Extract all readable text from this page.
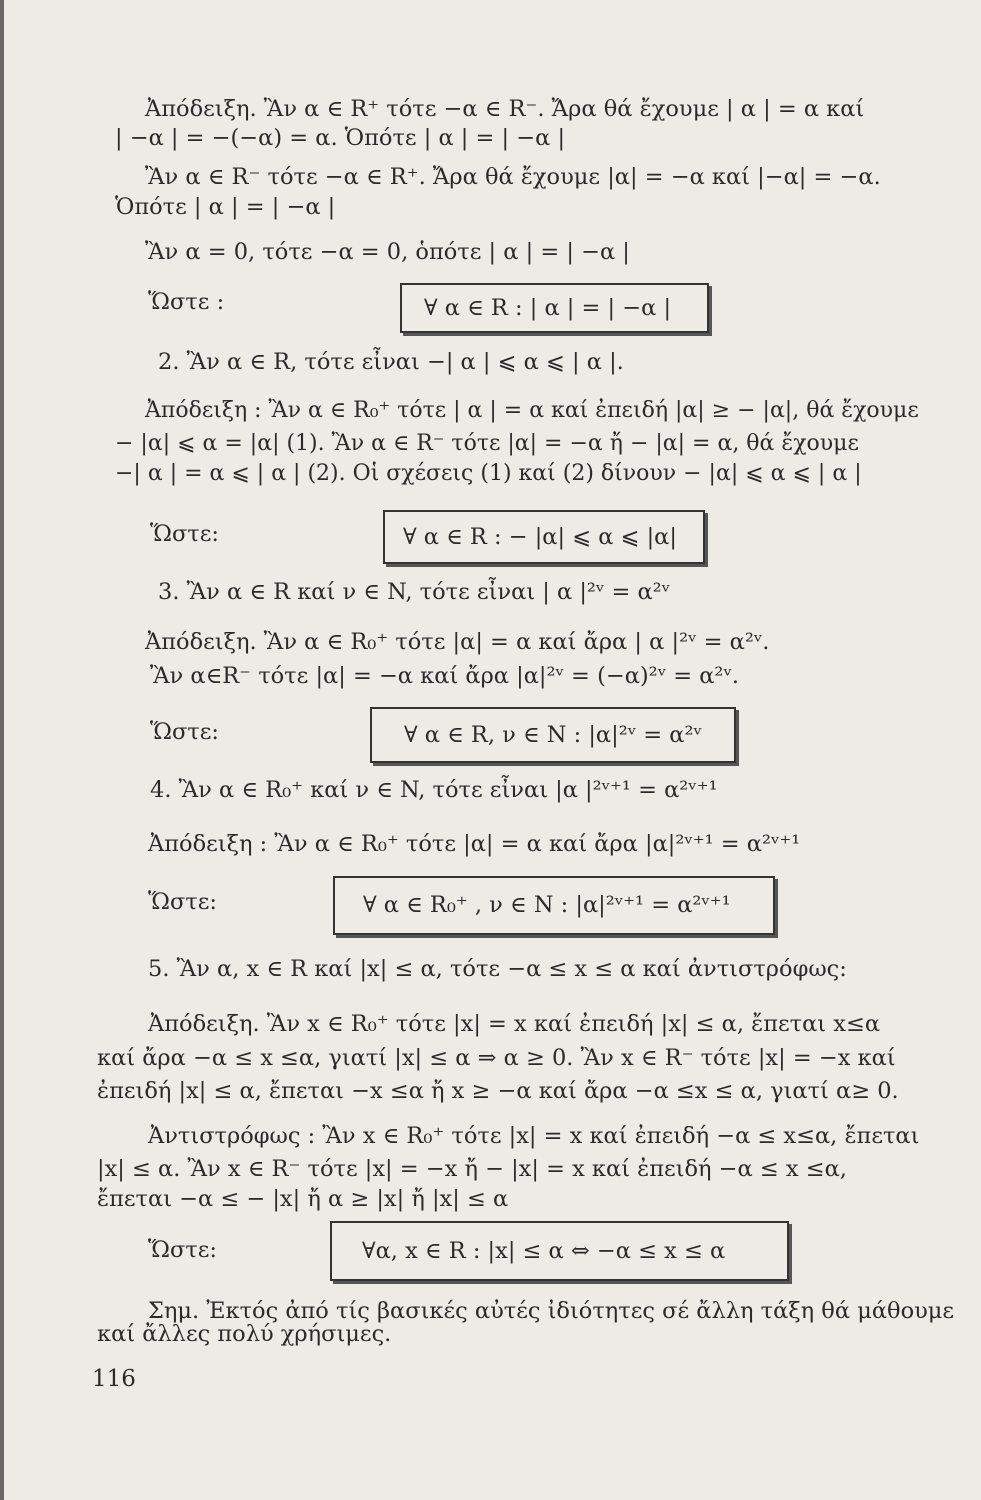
Ἀπόδειξη. Ἂν α ∈ R⁺ τότε −α ∈ R⁻. Ἄρα θά ἔχουμε | α | = α καί
| −α | = −(−α) = α. Ὁπότε | α | = | −α |
Ἂν α ∈ R⁻ τότε −α ∈ R⁺. Ἄρα θά ἔχουμε |α| = −α καί |−α| = −α.
Ὁπότε | α | = | −α |
Ἂν α = 0, τότε −α = 0, ὁπότε | α | = | −α |
Ὥστε :	∀ α ∈ R : | α | = | −α |
2. Ἂν α ∈ R, τότε εἶναι −| α | ⩽ α ⩽ | α |.
Ἀπόδειξη : Ἂν α ∈ R₀⁺ τότε | α | = α καί ἐπειδή |α| ≥ − |α|, θά ἔχουμε
− |α| ⩽ α = |α| (1). Ἂν α ∈ R⁻ τότε |α| = −α ἤ − |α| = α, θά ἔχουμε
−| α | = α ⩽ | α | (2). Οἱ σχέσεις (1) καί (2) δίνουν − |α| ⩽ α ⩽ | α |
Ὥστε:	∀ α ∈ R : − |α| ⩽ α ⩽ |α|
3. Ἂν α ∈ R καί ν ∈ N, τότε εἶναι | α |²ᵛ = α²ᵛ
Ἀπόδειξη. Ἂν α ∈ R₀⁺ τότε |α| = α καί ἄρα | α |²ᵛ = α²ᵛ.
Ἂν α∈R⁻ τότε |α| = −α καί ἄρα |α|²ᵛ = (−α)²ᵛ = α²ᵛ.
Ὥστε:	∀ α ∈ R, ν ∈ N : |α|²ᵛ = α²ᵛ
4. Ἂν α ∈ R₀⁺ καί ν ∈ N, τότε εἶναι |α |²ᵛ⁺¹ = α²ᵛ⁺¹
Ἀπόδειξη : Ἂν α ∈ R₀⁺ τότε |α| = α καί ἄρα |α|²ᵛ⁺¹ = α²ᵛ⁺¹
Ὥστε:	∀ α ∈ R₀⁺ , ν ∈ N : |α|²ᵛ⁺¹ = α²ᵛ⁺¹
5. Ἂν α, x ∈ R καί |x| ≤ α, τότε −α ≤ x ≤ α καί ἀντιστρόφως:
Ἀπόδειξη. Ἂν x ∈ R₀⁺ τότε |x| = x καί ἐπειδή |x| ≤ α, ἔπεται x≤α
καί ἄρα −α ≤ x ≤α, γιατί |x| ≤ α ⇒ α ≥ 0. Ἂν x ∈ R⁻ τότε |x| = −x καί
ἐπειδή |x| ≤ α, ἔπεται −x ≤α ἤ x ≥ −α καί ἄρα −α ≤x ≤ α, γιατί α≥ 0.
Ἀντιστρόφως : Ἂν x ∈ R₀⁺ τότε |x| = x καί ἐπειδή −α ≤ x≤α, ἔπεται
|x| ≤ α. Ἂν x ∈ R⁻ τότε |x| = −x ἤ − |x| = x καί ἐπειδή −α ≤ x ≤α,
ἔπεται −α ≤ − |x| ἤ α ≥ |x| ἤ |x| ≤ α
Ὥστε:	∀α, x ∈ R : |x| ≤ α ⇔ −α ≤ x ≤ α
Σημ. Ἐκτός ἀπό τίς βασικές αὐτές ἰδιότητες σέ ἄλλη τάξη θά μάθουμε
καί ἄλλες πολύ χρήσιμες.
116
